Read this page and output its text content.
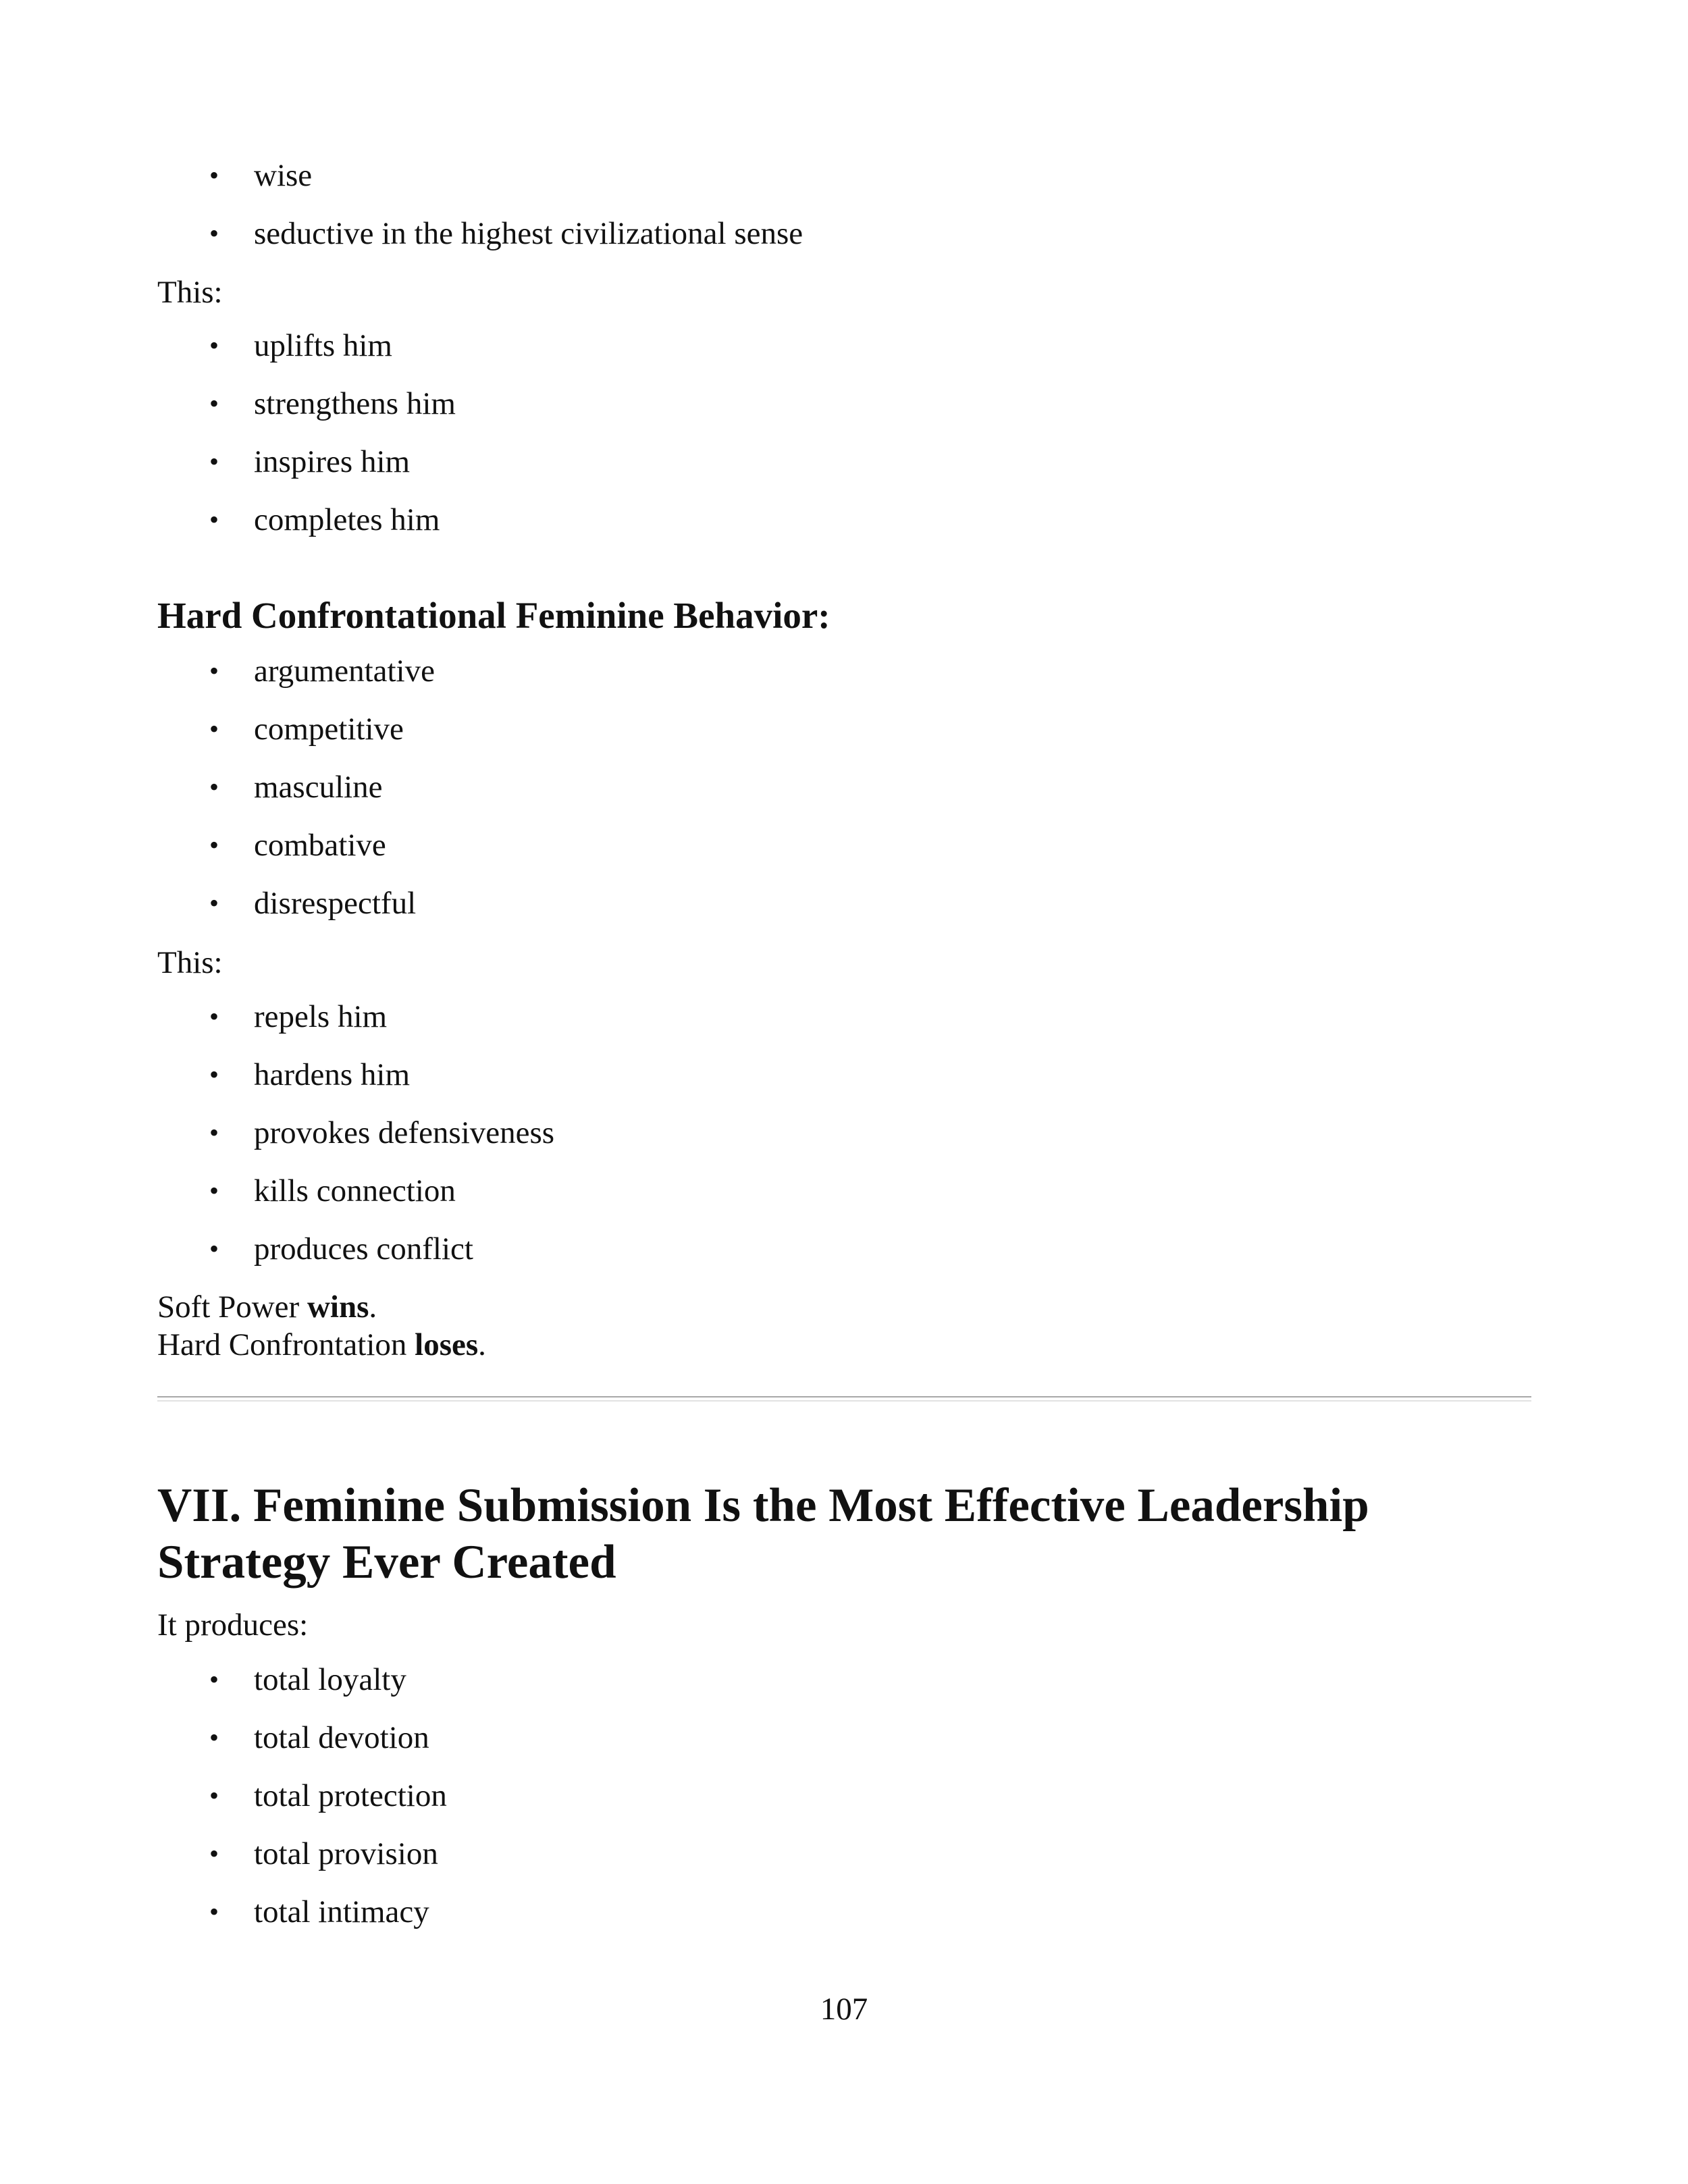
• wise
• seductive in the highest civilizational sense
This:
• uplifts him
• strengthens him
• inspires him
• completes him
Hard Confrontational Feminine Behavior:
• argumentative
• competitive
• masculine
• combative
• disrespectful
This:
• repels him
• hardens him
• provokes defensiveness
• kills connection
• produces conflict
Soft Power wins.
Hard Confrontation loses.
VII. Feminine Submission Is the Most Effective Leadership Strategy Ever Created
It produces:
• total loyalty
• total devotion
• total protection
• total provision
• total intimacy
107
